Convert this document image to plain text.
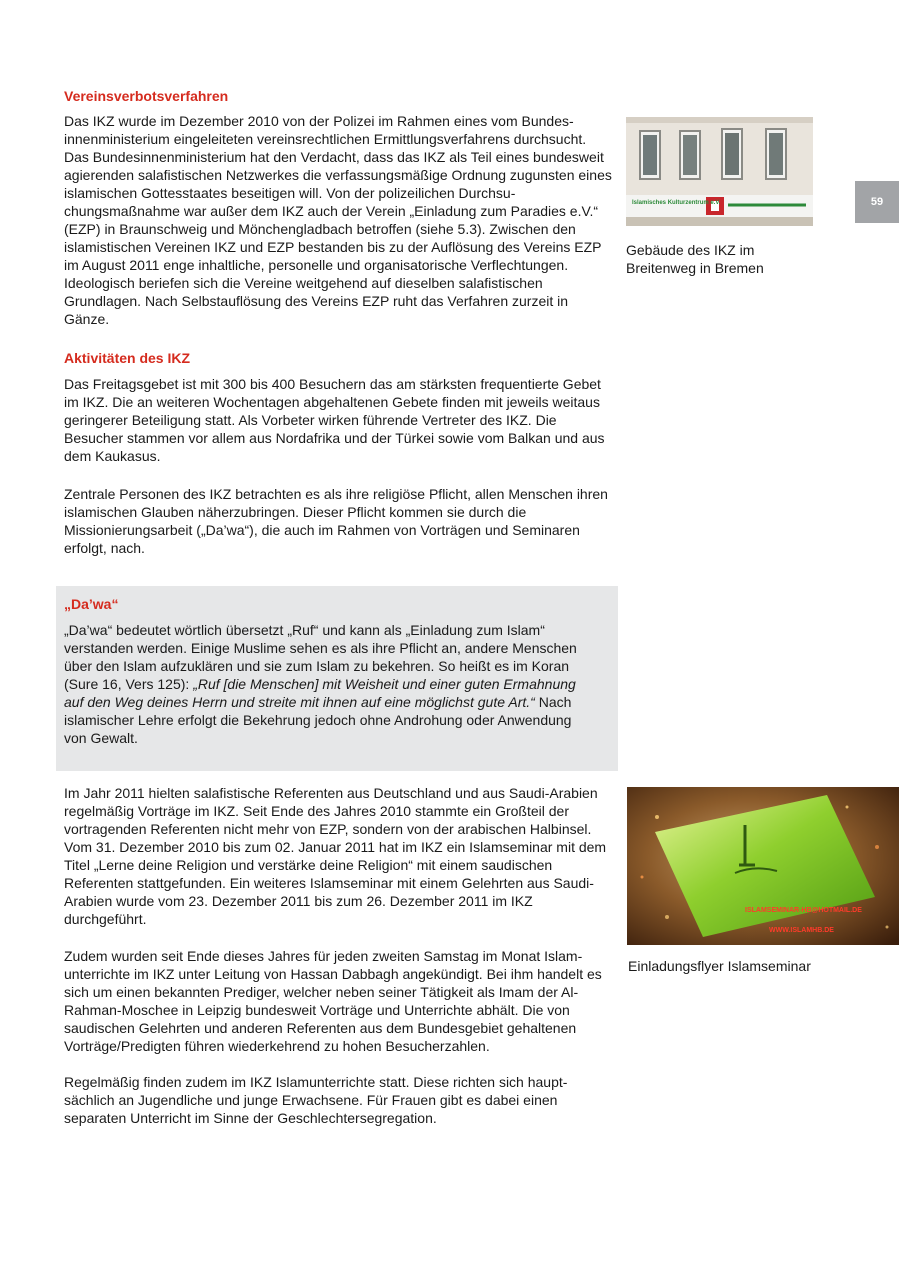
Vereinsverbotsverfahren

Das IKZ wurde im Dezember 2010 von der Polizei im Rahmen eines vom Bundesinnenministerium eingeleiteten vereinsrechtlichen Ermittlungsverfahrens durchsucht. Das Bundesinnenministerium hat den Verdacht, dass das IKZ als Teil eines bundesweit agierenden salafistischen Netzwerkes die verfassungsmäßige Ordnung zugunsten eines islamischen Gottesstaates beseitigen will. Von der polizeilichen Durchsuchungsmaßnahme war außer dem IKZ auch der Verein „Einladung zum Paradies e.V.“ (EZP) in Braunschweig und Mönchengladbach betroffen (siehe 5.3). Zwischen den islamistischen Vereinen IKZ und EZP bestanden bis zu der Auflösung des Vereins EZP im August 2011 enge inhaltliche, personelle und organisatorische Verflechtungen. Ideologisch beriefen sich die Vereine weitgehend auf dieselben salafistischen Grundlagen. Nach Selbstauflösung des Vereins EZP ruht das Verfahren zurzeit in Gänze.

Aktivitäten des IKZ

Das Freitagsgebet ist mit 300 bis 400 Besuchern das am stärksten frequentierte Gebet im IKZ. Die an weiteren Wochentagen abgehaltenen Gebete finden mit jeweils weitaus geringerer Beteiligung statt. Als Vorbeter wirken führende Vertreter des IKZ. Die Besucher stammen vor allem aus Nordafrika und der Türkei sowie vom Balkan und aus dem Kaukasus.

Zentrale Personen des IKZ betrachten es als ihre religiöse Pflicht, allen Menschen ihren islamischen Glauben näherzubringen. Dieser Pflicht kommen sie durch die Missionierungsarbeit („Da’wa“), die auch im Rahmen von Vorträgen und Seminaren erfolgt, nach.

„Da’wa“

„Da’wa“ bedeutet wörtlich übersetzt „Ruf“ und kann als „Einladung zum Islam“ verstanden werden. Einige Muslime sehen es als ihre Pflicht an, andere Menschen über den Islam aufzuklären und sie zum Islam zu bekehren. So heißt es im Koran (Sure 16, Vers 125): „Ruf [die Menschen] mit Weisheit und einer guten Ermahnung auf den Weg deines Herrn und streite mit ihnen auf eine möglichst gute Art.“ Nach islamischer Lehre erfolgt die Bekehrung jedoch ohne Androhung oder Anwendung von Gewalt.

Im Jahr 2011 hielten salafistische Referenten aus Deutschland und aus Saudi-Arabien regelmäßig Vorträge im IKZ. Seit Ende des Jahres 2010 stammte ein Großteil der vortragenden Referenten nicht mehr von EZP, sondern von der arabischen Halbinsel. Vom 31. Dezember 2010 bis zum 02. Januar 2011 hat im IKZ ein Islamseminar mit dem Titel „Lerne deine Religion und verstärke deine Religion“ mit einem saudischen Referenten stattgefunden. Ein weiteres Islamseminar mit einem Gelehrten aus Saudi-Arabien wurde vom 23. Dezember 2011 bis zum 26. Dezember 2011 im IKZ durchgeführt.

Zudem wurden seit Ende dieses Jahres für jeden zweiten Samstag im Monat Islamunterrichte im IKZ unter Leitung von Hassan Dabbagh angekündigt. Bei ihm handelt es sich um einen bekannten Prediger, welcher neben seiner Tätigkeit als Imam der Al-Rahman-Moschee in Leipzig bundesweit Vorträge und Unterrichte abhält. Die von saudischen Gelehrten und anderen Referenten aus dem Bundesgebiet gehaltenen Vorträge/Predigten führen wiederkehrend zu hohen Besucherzahlen.

Regelmäßig finden zudem im IKZ Islamunterrichte statt. Diese richten sich hauptsächlich an Jugendliche und junge Erwachsene. Für Frauen gibt es dabei einen separaten Unterricht im Sinne der Geschlechtersegregation.

59
Islamisches Kulturzentrum e.V.

Gebäude des IKZ im
Breitenweg in Bremen

ISLAMSEMINAR-HB@HOTMAIL.DE
WWW.ISLAMHB.DE

Einladungsflyer Islamseminar
